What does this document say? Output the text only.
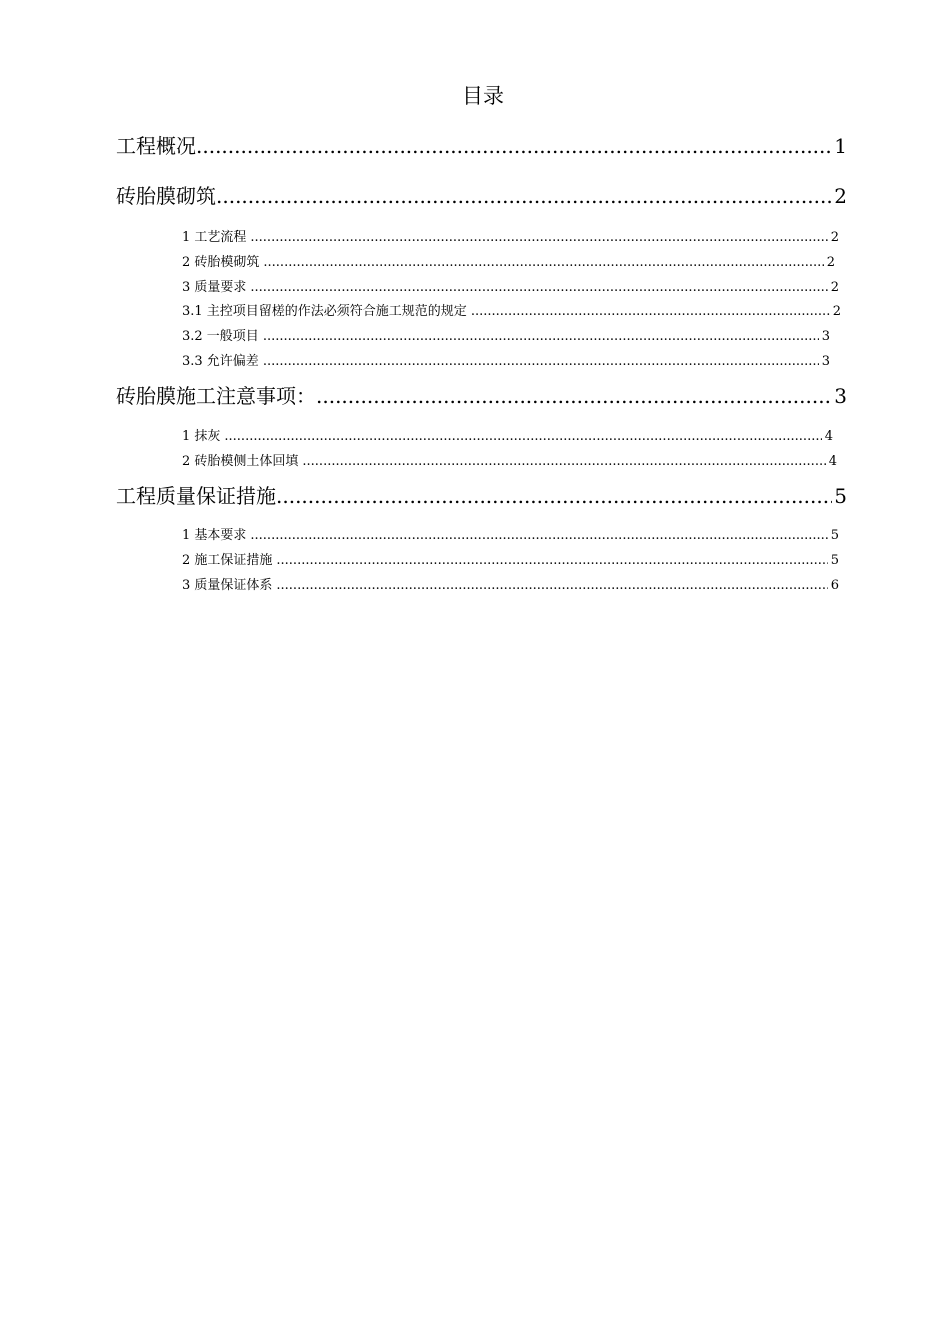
目录
工程概况 .....	1
砖胎膜砌筑 .....	2
1 工艺流程 .....	2
2 砖胎模砌筑 .....	2
3 质量要求 .....	2
3.1 主控项目留槎的作法必须符合施工规范的规定 .....	2
3.2 一般项目 .....	3
3.3 允许偏差 .....	3
砖胎膜施工注意事项： .....	3
1 抹灰 .....	4
2 砖胎模侧土体回填 .....	4
工程质量保证措施 .....	5
1 基本要求 .....	5
2 施工保证措施 .....	5
3 质量保证体系 .....	6
